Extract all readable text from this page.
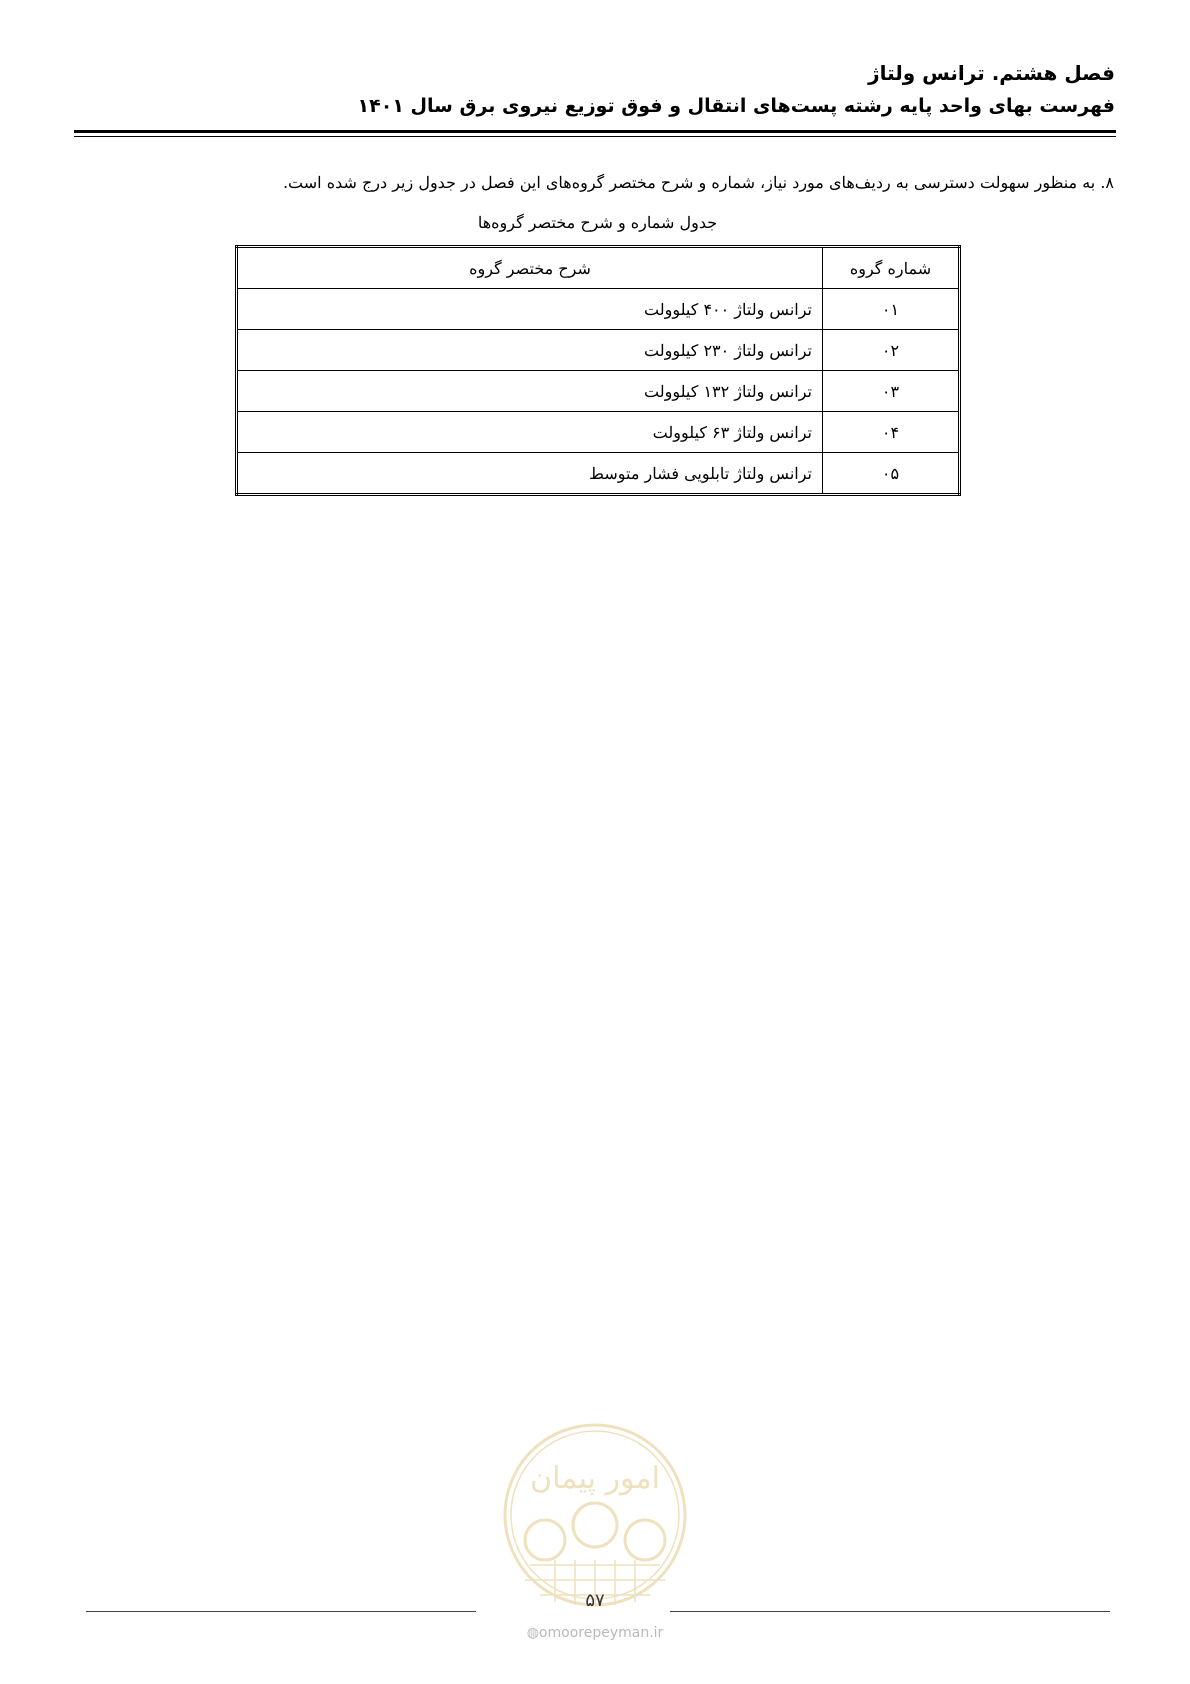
فصل هشتم. ترانس ولتاژ
فهرست بهای واحد پایه رشته پست‌های انتقال و فوق توزیع نیروی برق سال ۱۴۰۱
۸. به منظور سهولت دسترسی به ردیف‌های مورد نیاز، شماره و شرح مختصر گروه‌های این فصل در جدول زیر درج شده است.
جدول شماره و شرح مختصر گروه‌ها
شماره گروه	شرح مختصر گروه
۰۱	ترانس ولتاژ ۴۰۰ کیلوولت
۰۲	ترانس ولتاژ ۲۳۰ کیلوولت
۰۳	ترانس ولتاژ ۱۳۲ کیلوولت
۰۴	ترانس ولتاژ ۶۳ کیلوولت
۰۵	ترانس ولتاژ تابلویی فشار متوسط
امور پیمان
۵۷
◍omoorepeyman.ir
